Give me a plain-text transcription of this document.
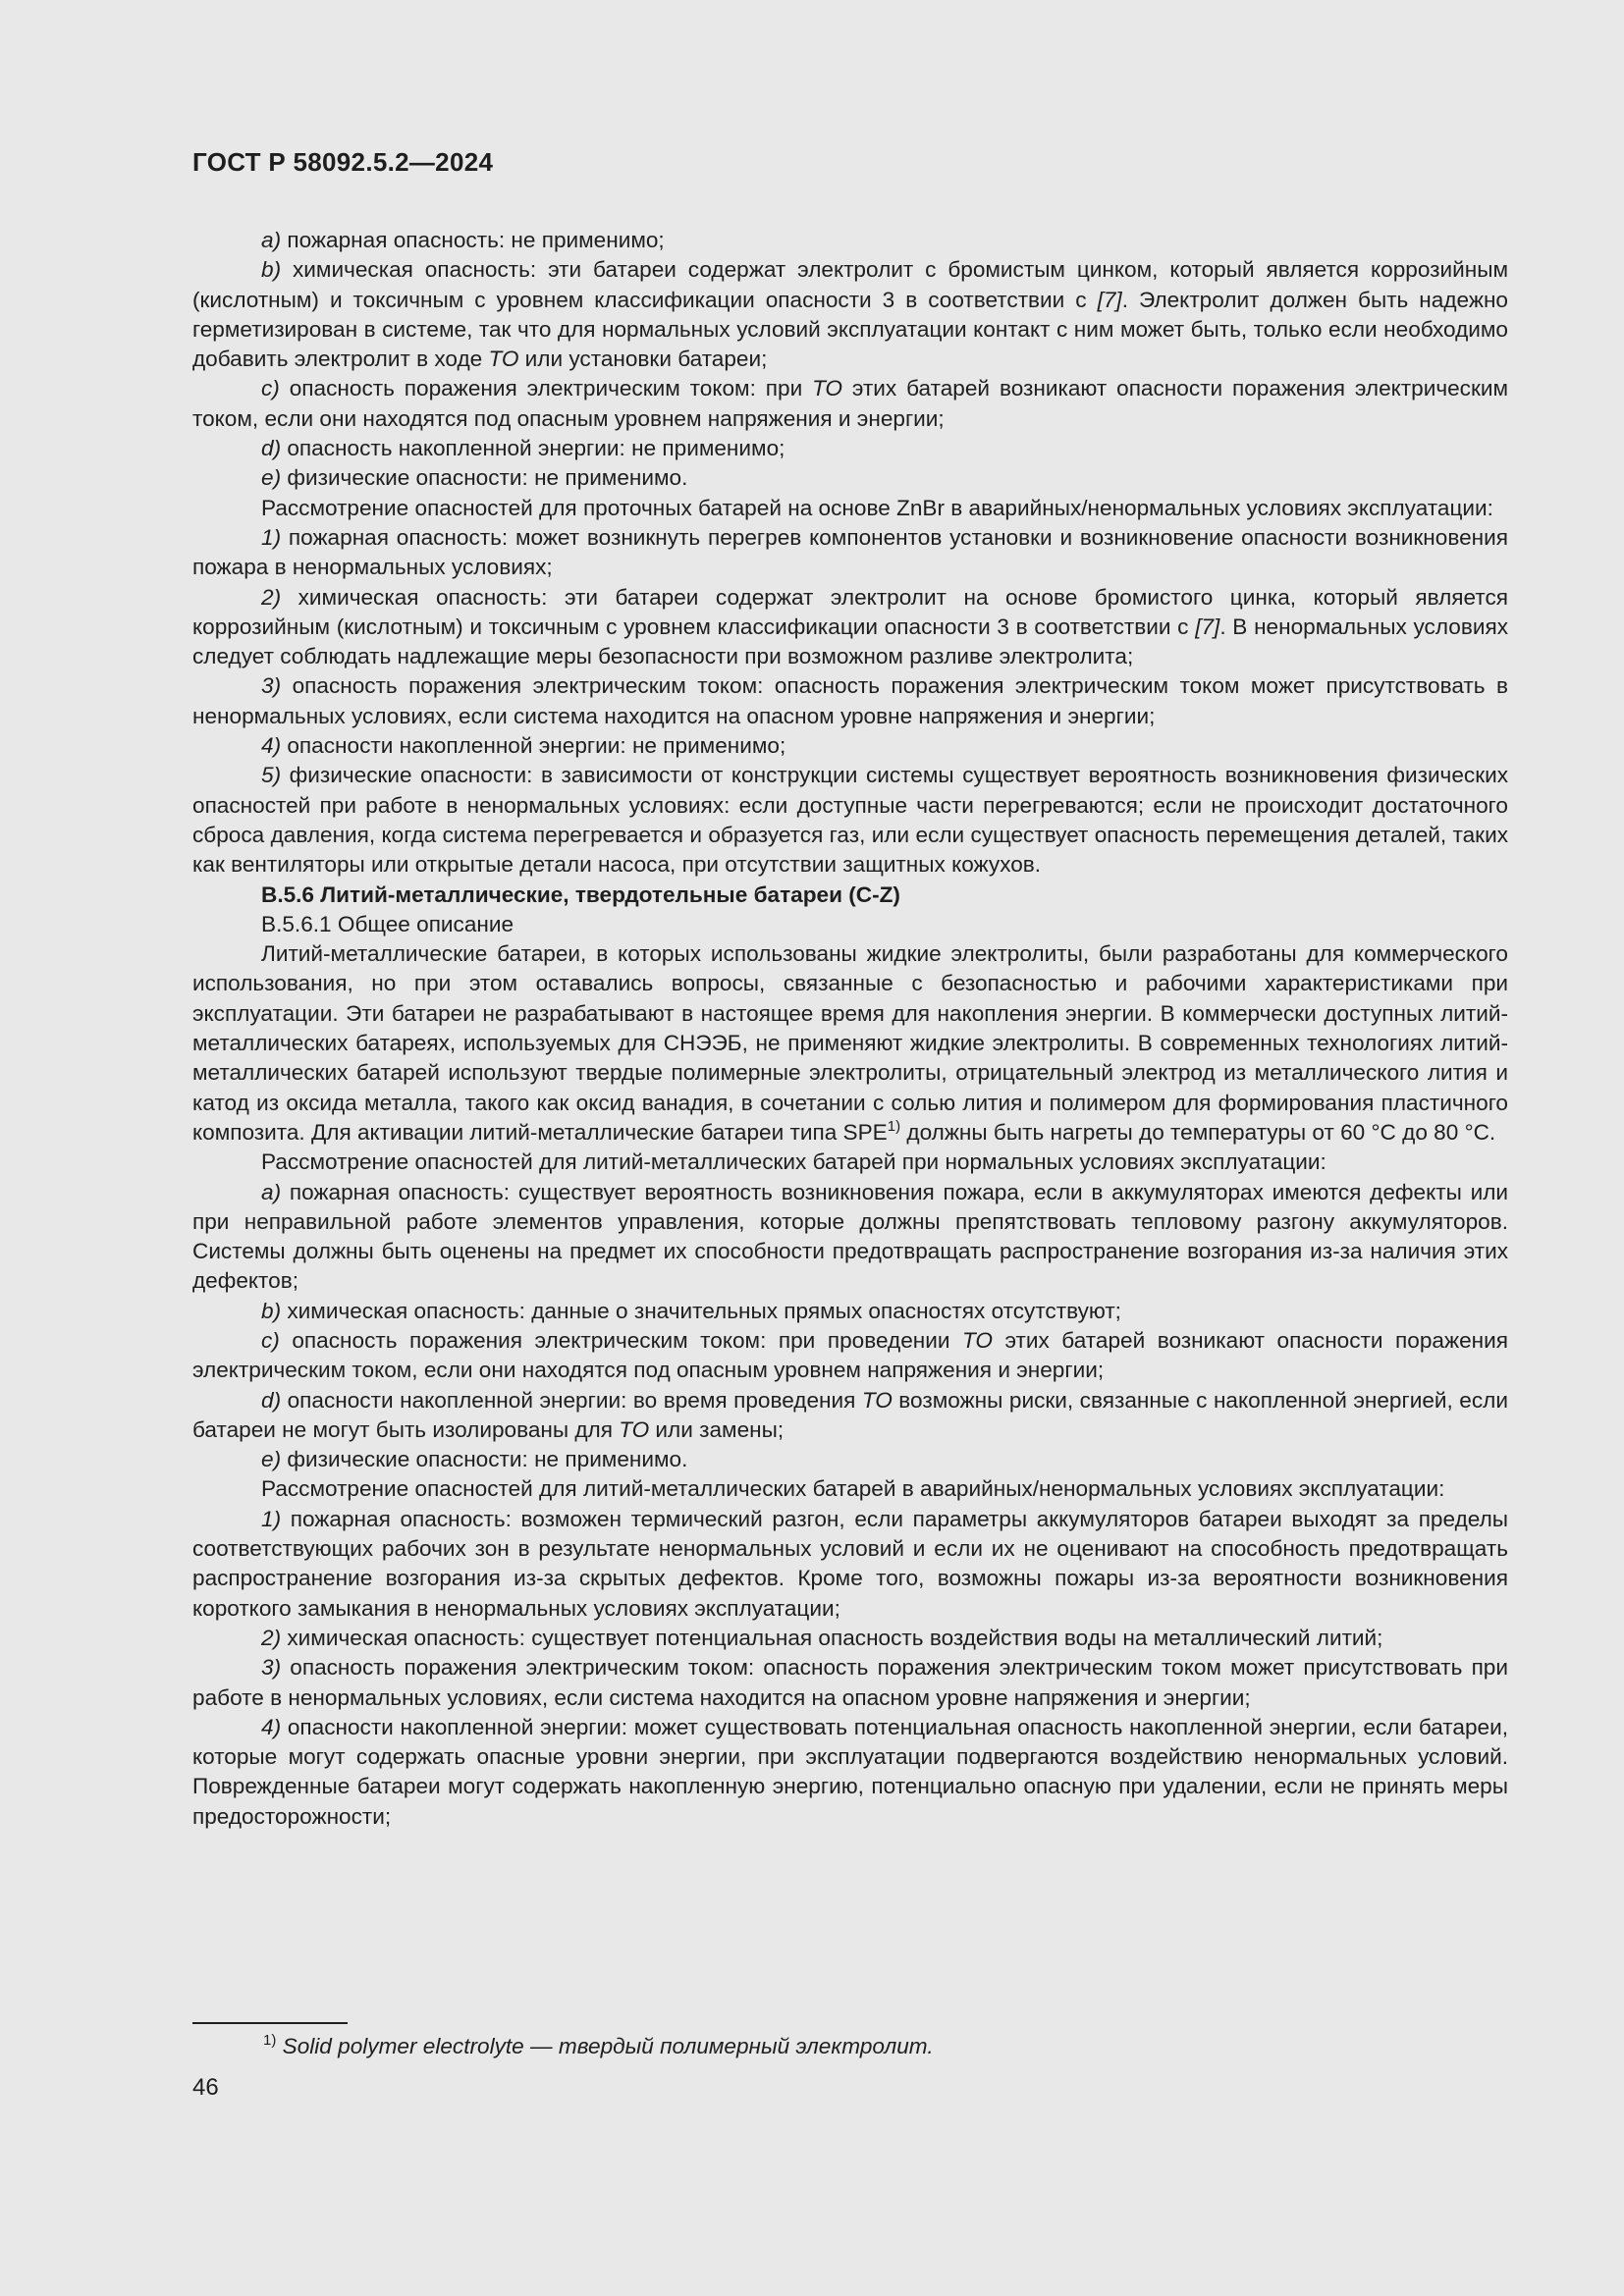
ГОСТ Р 58092.5.2—2024

a) пожарная опасность: не применимо;

b) химическая опасность: эти батареи содержат электролит с бромистым цинком, который является коррозийным (кислотным) и токсичным с уровнем классификации опасности 3 в соответствии с [7]. Электролит должен быть надежно герметизирован в системе, так что для нормальных условий эксплуатации контакт с ним может быть, только если необходимо добавить электролит в ходе ТО или установки батареи;

c) опасность поражения электрическим током: при ТО этих батарей возникают опасности поражения электрическим током, если они находятся под опасным уровнем напряжения и энергии;

d) опасность накопленной энергии: не применимо;

e) физические опасности: не применимо.

Рассмотрение опасностей для проточных батарей на основе ZnBr в аварийных/ненормальных условиях эксплуатации:

1) пожарная опасность: может возникнуть перегрев компонентов установки и возникновение опасности возникновения пожара в ненормальных условиях;

2) химическая опасность: эти батареи содержат электролит на основе бромистого цинка, который является коррозийным (кислотным) и токсичным с уровнем классификации опасности 3 в соответствии с [7]. В ненормальных условиях следует соблюдать надлежащие меры безопасности при возможном разливе электролита;

3) опасность поражения электрическим током: опасность поражения электрическим током может присутствовать в ненормальных условиях, если система находится на опасном уровне напряжения и энергии;

4) опасности накопленной энергии: не применимо;

5) физические опасности: в зависимости от конструкции системы существует вероятность возникновения физических опасностей при работе в ненормальных условиях: если доступные части перегреваются; если не происходит достаточного сброса давления, когда система перегревается и образуется газ, или если существует опасность перемещения деталей, таких как вентиляторы или открытые детали насоса, при отсутствии защитных кожухов.

B.5.6 Литий-металлические, твердотельные батареи (C-Z)

B.5.6.1 Общее описание

Литий-металлические батареи, в которых использованы жидкие электролиты, были разработаны для коммерческого использования, но при этом оставались вопросы, связанные с безопасностью и рабочими характеристиками при эксплуатации. Эти батареи не разрабатывают в настоящее время для накопления энергии. В коммерчески доступных литий-металлических батареях, используемых для СНЭЭБ, не применяют жидкие электролиты. В современных технологиях литий-металлических батарей используют твердые полимерные электролиты, отрицательный электрод из металлического лития и катод из оксида металла, такого как оксид ванадия, в сочетании с солью лития и полимером для формирования пластичного композита. Для активации литий-металлические батареи типа SPE$^{1)}$ должны быть нагреты до температуры от 60 °C до 80 °C.

Рассмотрение опасностей для литий-металлических батарей при нормальных условиях эксплуатации:

a) пожарная опасность: существует вероятность возникновения пожара, если в аккумуляторах имеются дефекты или при неправильной работе элементов управления, которые должны препятствовать тепловому разгону аккумуляторов. Системы должны быть оценены на предмет их способности предотвращать распространение возгорания из-за наличия этих дефектов;

b) химическая опасность: данные о значительных прямых опасностях отсутствуют;

c) опасность поражения электрическим током: при проведении ТО этих батарей возникают опасности поражения электрическим током, если они находятся под опасным уровнем напряжения и энергии;

d) опасности накопленной энергии: во время проведения ТО возможны риски, связанные с накопленной энергией, если батареи не могут быть изолированы для ТО или замены;

e) физические опасности: не применимо.

Рассмотрение опасностей для литий-металлических батарей в аварийных/ненормальных условиях эксплуатации:

1) пожарная опасность: возможен термический разгон, если параметры аккумуляторов батареи выходят за пределы соответствующих рабочих зон в результате ненормальных условий и если их не оценивают на способность предотвращать распространение возгорания из-за скрытых дефектов. Кроме того, возможны пожары из-за вероятности возникновения короткого замыкания в ненормальных условиях эксплуатации;

2) химическая опасность: существует потенциальная опасность воздействия воды на металлический литий;

3) опасность поражения электрическим током: опасность поражения электрическим током может присутствовать при работе в ненормальных условиях, если система находится на опасном уровне напряжения и энергии;

4) опасности накопленной энергии: может существовать потенциальная опасность накопленной энергии, если батареи, которые могут содержать опасные уровни энергии, при эксплуатации подвергаются воздействию ненормальных условий. Поврежденные батареи могут содержать накопленную энергию, потенциально опасную при удалении, если не принять меры предосторожности;

$^{1)}$ Solid polymer electrolyte — твердый полимерный электролит.
46
